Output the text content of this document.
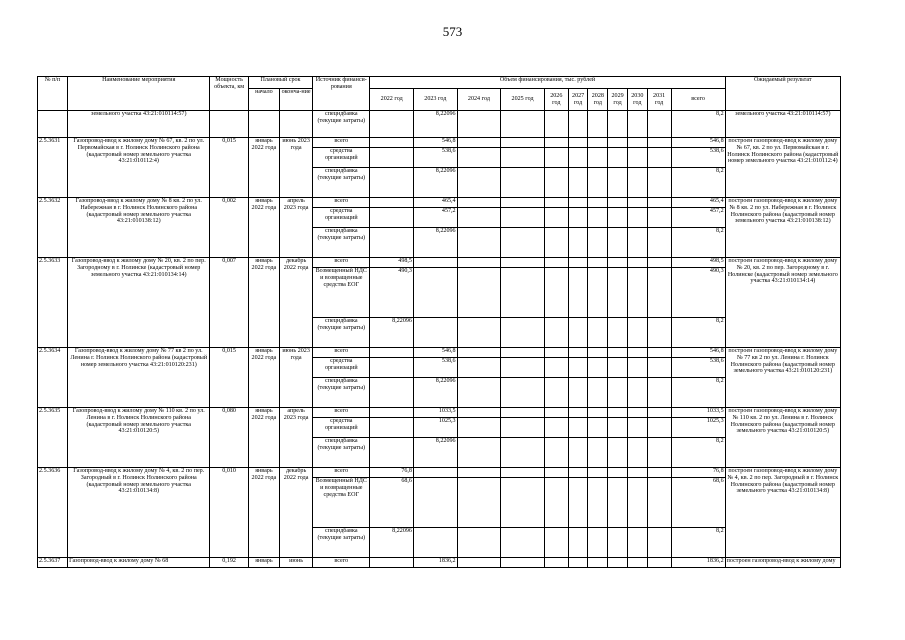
573
№ п/п	Наименование мероприятия	Мощность объекта, км	Плановый срок		Источник финанси-рования	Объем финансирования, тыс. рублей											Ожидаемый результат
			начало	оконча-ние		2022 год	2023 год	2024 год	2025 год	2026 год	2027 год	2028 год	2029 год	2030 год	2031 год	всего	

	земельного участка 43:21:010114:57)				спецндбавка (текущие затраты)		8,22096									8,2	земельного участка 43:21:010114:57)
2.5.3631	Газопровод-ввод к жилому дому № 67, кв. 2 по ул. Первомайская в г. Нолинск Нолинского района (кадастровый номер земельного участка 43:21:010112:4)	0,015	январь 2022 года	июнь 2023 года	всего		546,8									546,8	построен газопровод-ввод к жилому дому № 67, кв. 2 по ул. Первомайская в г. Нолинск Нолинского района (кадастровый номер земельного участка 43:21:010112:4)
					средства организаций		538,6									538,6	
					спецндбавка (текущие затраты)		8,22096									8,2	
2.5.3632	Газопровод-ввод к жилому дому № 8 кв. 2 по ул. Набережная в г. Нолинск Нолинского района (кадастровый номер земельного участка 43:21:010138:12)	0,002	январь 2022 года	апрель 2023 года	всего		465,4									465,4	построен газопровод-ввод к жилому дому № 8 кв. 2 по ул. Набережная в г. Нолинск Нолинского района (кадастровый номер земельного участка 43:21:010138:12)
					средства организаций		457,2									457,2	
					спецндбавка (текущие затраты)		8,22096									8,2	
2.5.3633	Газопровод-ввод к жилому дому № 20, кв. 2 по пер. Загородному в г. Нолинске (кадастровый номер земельного участка 43:21:010134:14)	0,007	январь 2022 года	декабрь 2022 года	всего	498,5										498,5	построен газопровод-ввод к жилому дому № 20, кв. 2 по пер. Загородному в г. Нолинске (кадастровый номер земельного участка 43:21:010134:14)
					Возмещенный НДС и возвращенные средства ЕОГ	490,3										490,3	
					спецндбавка (текущие затраты)	8,22096										8,2	
2.5.3634	Газопровод-ввод к жилому дому № 77 кв 2 по ул. Ленина г. Нолинск Нолинского района (кадастровый номер земельного участка 43:21:010120:231)	0,015	январь 2022 года	июнь 2023 года	всего		546,8									546,8	построен газопровод-ввод к жилому дому № 77 кв 2 по ул. Ленина г. Нолинск Нолинского района (кадастровый номер земельного участка 43:21:010120:231)
					средства организаций		538,6									538,6	
					спецндбавка (текущие затраты)		8,22096									8,2	
2.5.3635	Газопровод-ввод к жилому дому № 110 кв. 2 по ул. Ленина в г. Нолинск Нолинского района (кадастровый номер земельного участка 43:21:010120:5)	0,080	январь 2022 года	апрель 2023 года	всего		1033,5									1033,5	построен газопровод-ввод к жилому дому № 110 кв. 2 по ул. Ленина в г. Нолинск Нолинского района (кадастровый номер земельного участка 43:21:010120:5)
					средства организаций		1025,3									1025,3	
					спецндбавка (текущие затраты)		8,22096									8,2	
2.5.3636	Газопровод-ввод к жилому дому № 4, кв. 2 по пер. Загородный в г. Нолинск Нолинского района (кадастровый номер земельного участка 43:21:010134:8)	0,010	январь 2022 года	декабрь 2022 года	всего	76,8										76,8	построен газопровод-ввод к жилому дому № 4, кв. 2 по пер. Загородный в г. Нолинск Нолинского района (кадастровый номер земельного участка 43:21:010134:8)
					Возмещенный НДС и возвращенные средства ЕОГ	68,6										68,6	
					спецндбавка (текущие затраты)	8,22096										8,2	
2.5.3637	Газопровод-ввод к жилому дому № 68	0,192	январь	июнь	всего		1836,2									1836,2	построен газопровод-ввод к жилому дому
